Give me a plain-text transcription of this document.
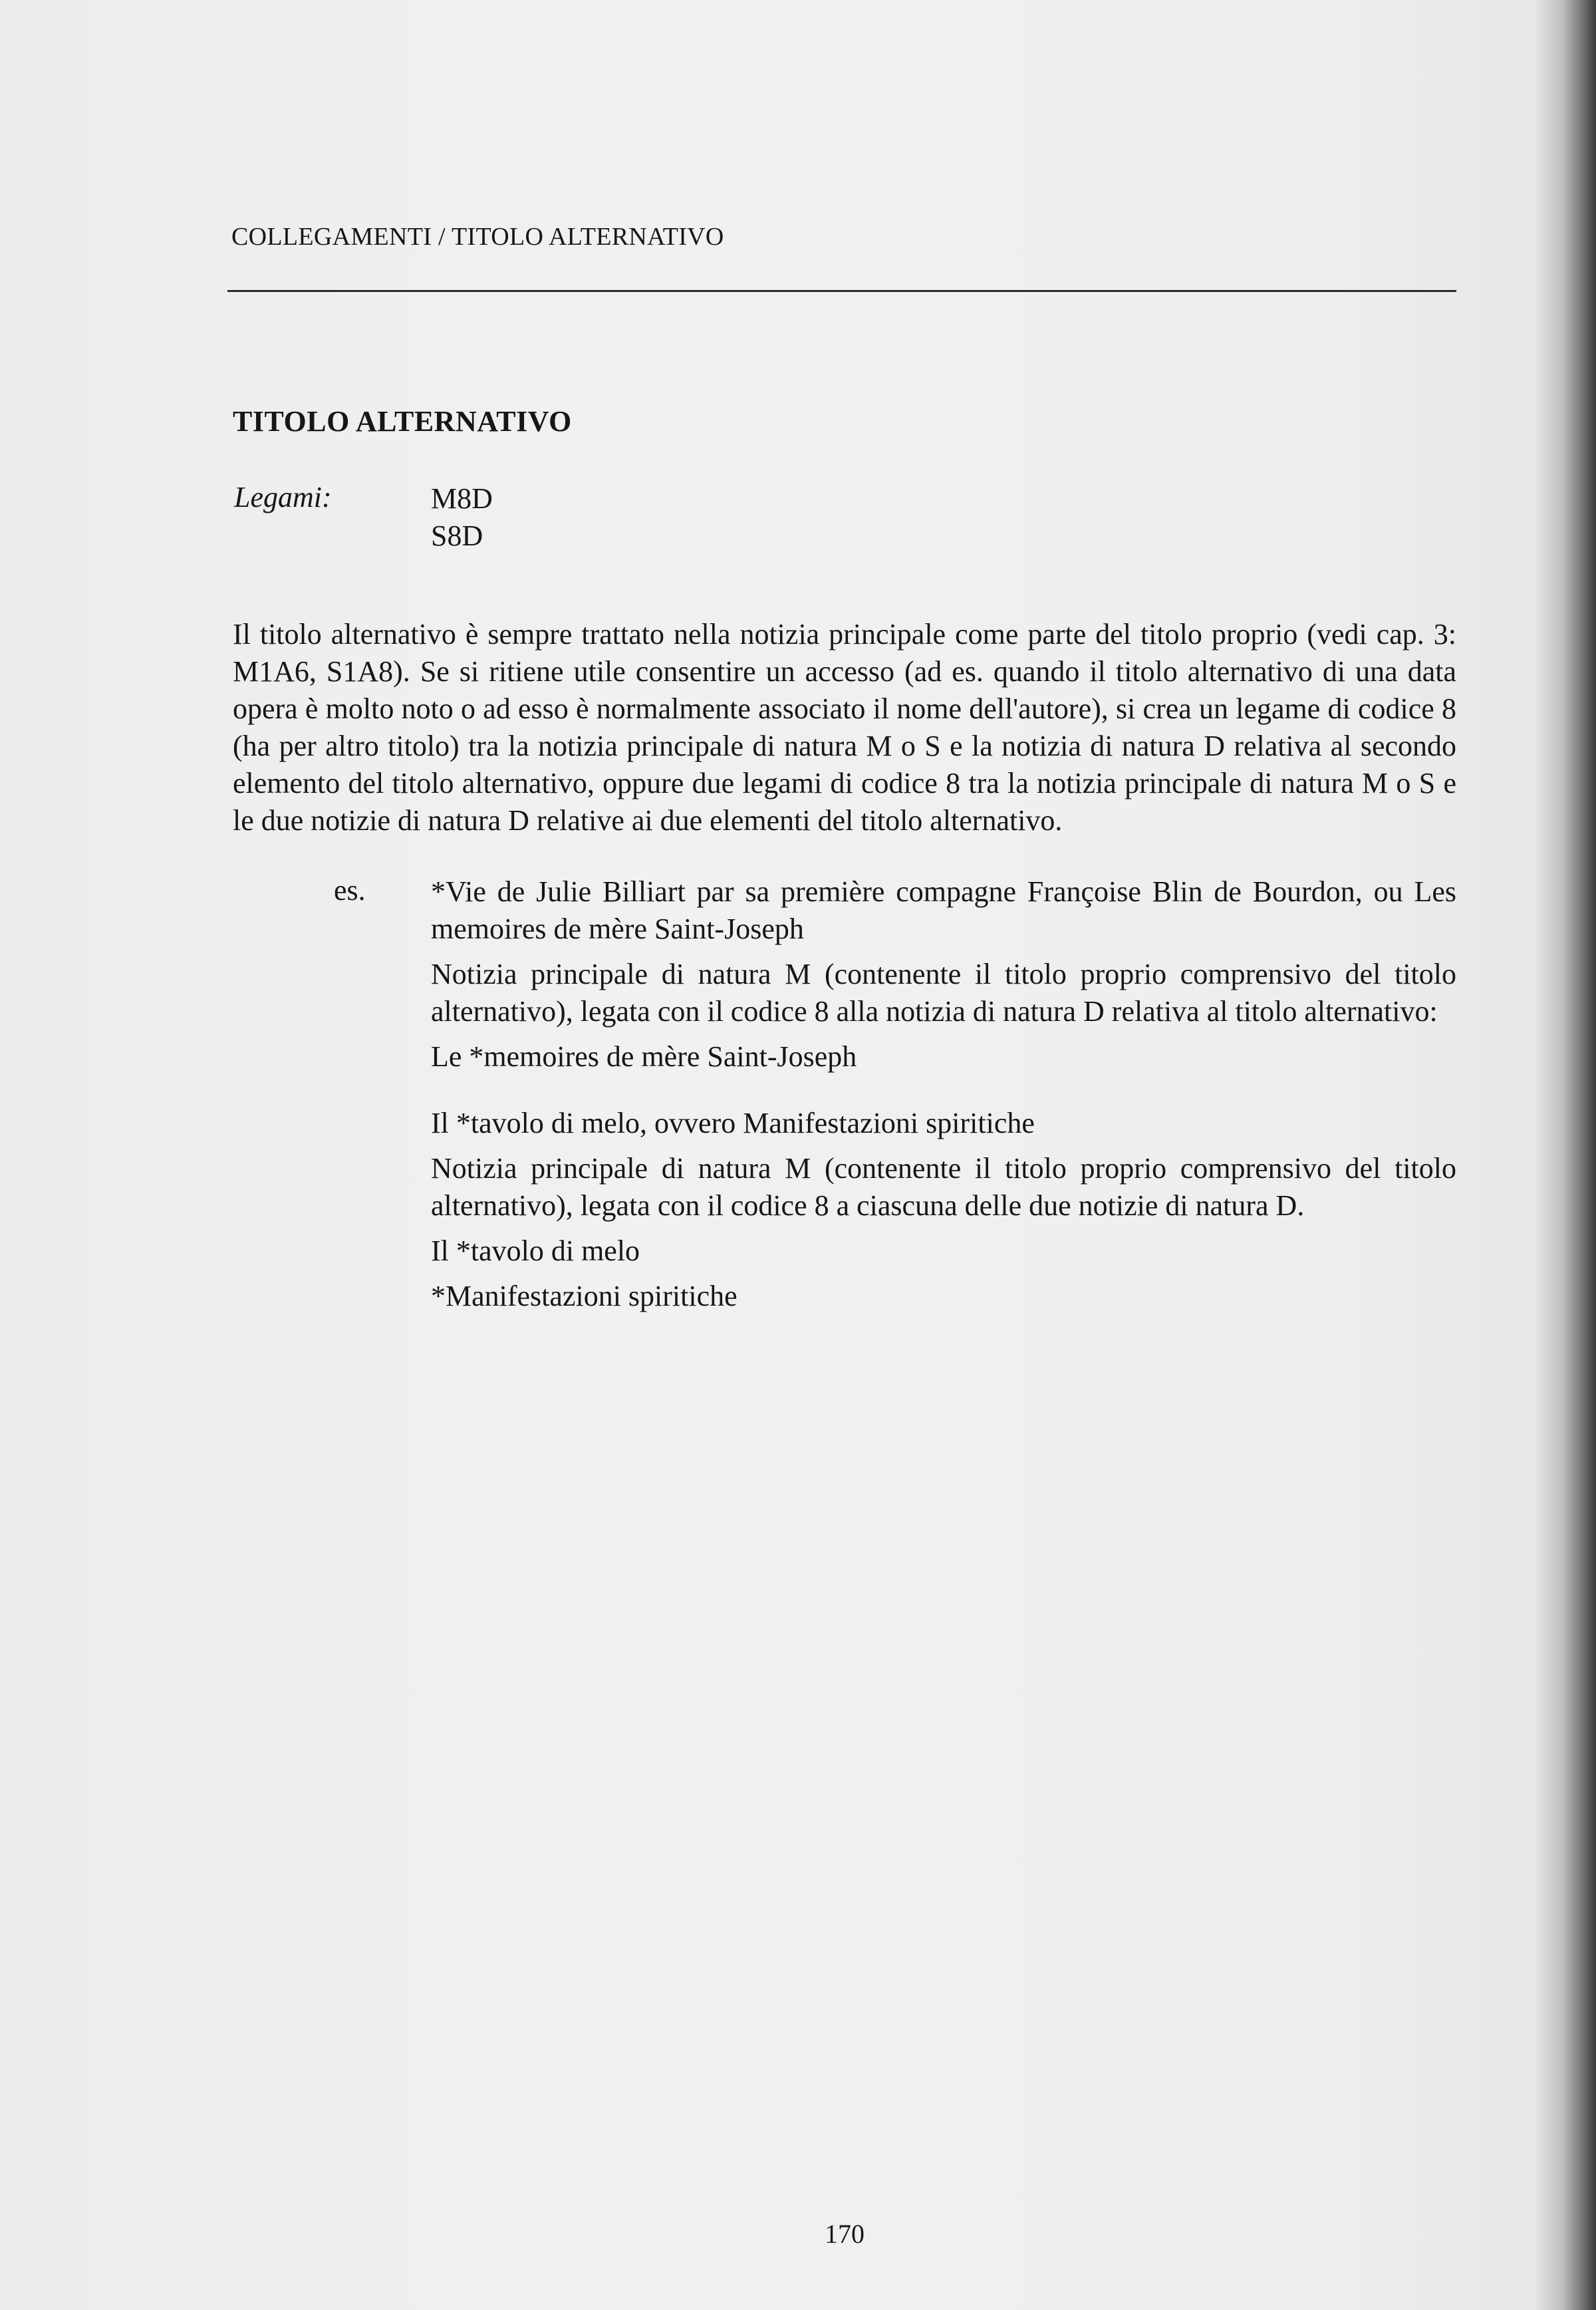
COLLEGAMENTI / TITOLO ALTERNATIVO
TITOLO ALTERNATIVO
Legami:	M8D
S8D

Il titolo alternativo è sempre trattato nella notizia principale come parte del titolo proprio (vedi cap. 3: M1A6, S1A8). Se si ritiene utile consentire un accesso (ad es. quando il titolo alternativo di una data opera è molto noto o ad esso è normalmente associato il nome dell'autore), si crea un legame di codice 8 (ha per altro titolo) tra la notizia principale di natura M o S e la notizia di natura D relativa al secondo elemento del titolo alternativo, oppure due legami di codice 8 tra la notizia principale di natura M o S e le due notizie di natura D relative ai due elementi del titolo alternativo.

es. *Vie de Julie Billiart par sa première compagne Françoise Blin de Bourdon, ou Les memoires de mère Saint-Joseph

Notizia principale di natura M (contenente il titolo proprio comprensivo del titolo alternativo), legata con il codice 8 alla notizia di natura D relativa al titolo alternativo:

Le *memoires de mère Saint-Joseph

Il *tavolo di melo, ovvero Manifestazioni spiritiche

Notizia principale di natura M (contenente il titolo proprio comprensivo del titolo alternativo), legata con il codice 8 a ciascuna delle due notizie di natura D.

Il *tavolo di melo

*Manifestazioni spiritiche

170
